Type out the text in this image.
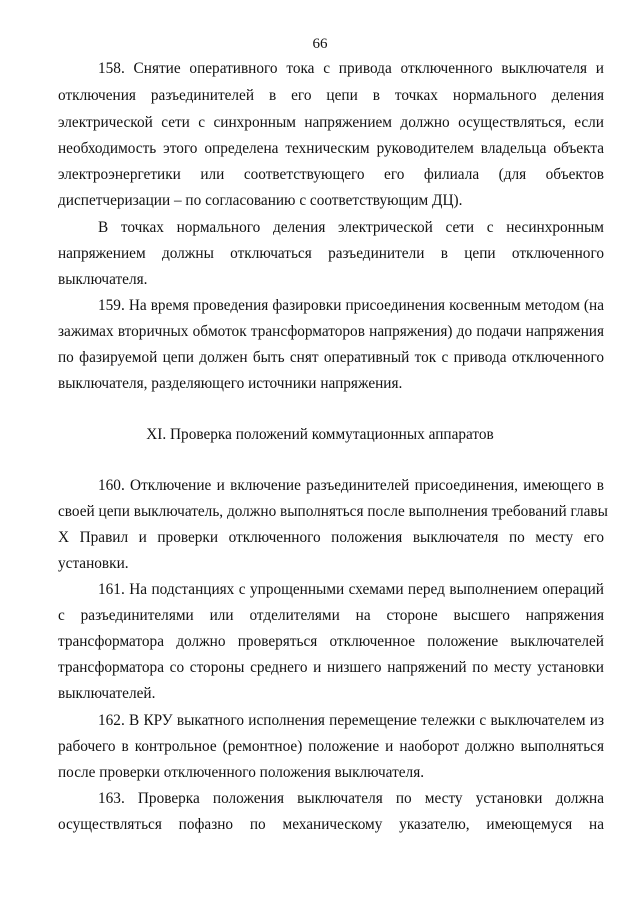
66
158. Снятие оперативного тока с привода отключенного выключателя и
отключения разъединителей в его цепи в точках нормального деления
электрической сети с синхронным напряжением должно осуществляться, если
необходимость этого определена техническим руководителем владельца объекта
электроэнергетики или соответствующего его филиала (для объектов
диспетчеризации – по согласованию с соответствующим ДЦ).
В точках нормального деления электрической сети с несинхронным
напряжением должны отключаться разъединители в цепи отключенного
выключателя.
159. На время проведения фазировки присоединения косвенным методом (на
зажимах вторичных обмоток трансформаторов напряжения) до подачи напряжения
по фазируемой цепи должен быть снят оперативный ток с привода отключенного
выключателя, разделяющего источники напряжения.
XI. Проверка положений коммутационных аппаратов
160. Отключение и включение разъединителей присоединения, имеющего в
своей цепи выключатель, должно выполняться после выполнения требований главы
X Правил и проверки отключенного положения выключателя по месту его
установки.
161. На подстанциях с упрощенными схемами перед выполнением операций
с разъединителями или отделителями на стороне высшего напряжения
трансформатора должно проверяться отключенное положение выключателей
трансформатора со стороны среднего и низшего напряжений по месту установки
выключателей.
162. В КРУ выкатного исполнения перемещение тележки с выключателем из
рабочего в контрольное (ремонтное) положение и наоборот должно выполняться
после проверки отключенного положения выключателя.
163. Проверка положения выключателя по месту установки должна
осуществляться пофазно по механическому указателю, имеющемуся на
